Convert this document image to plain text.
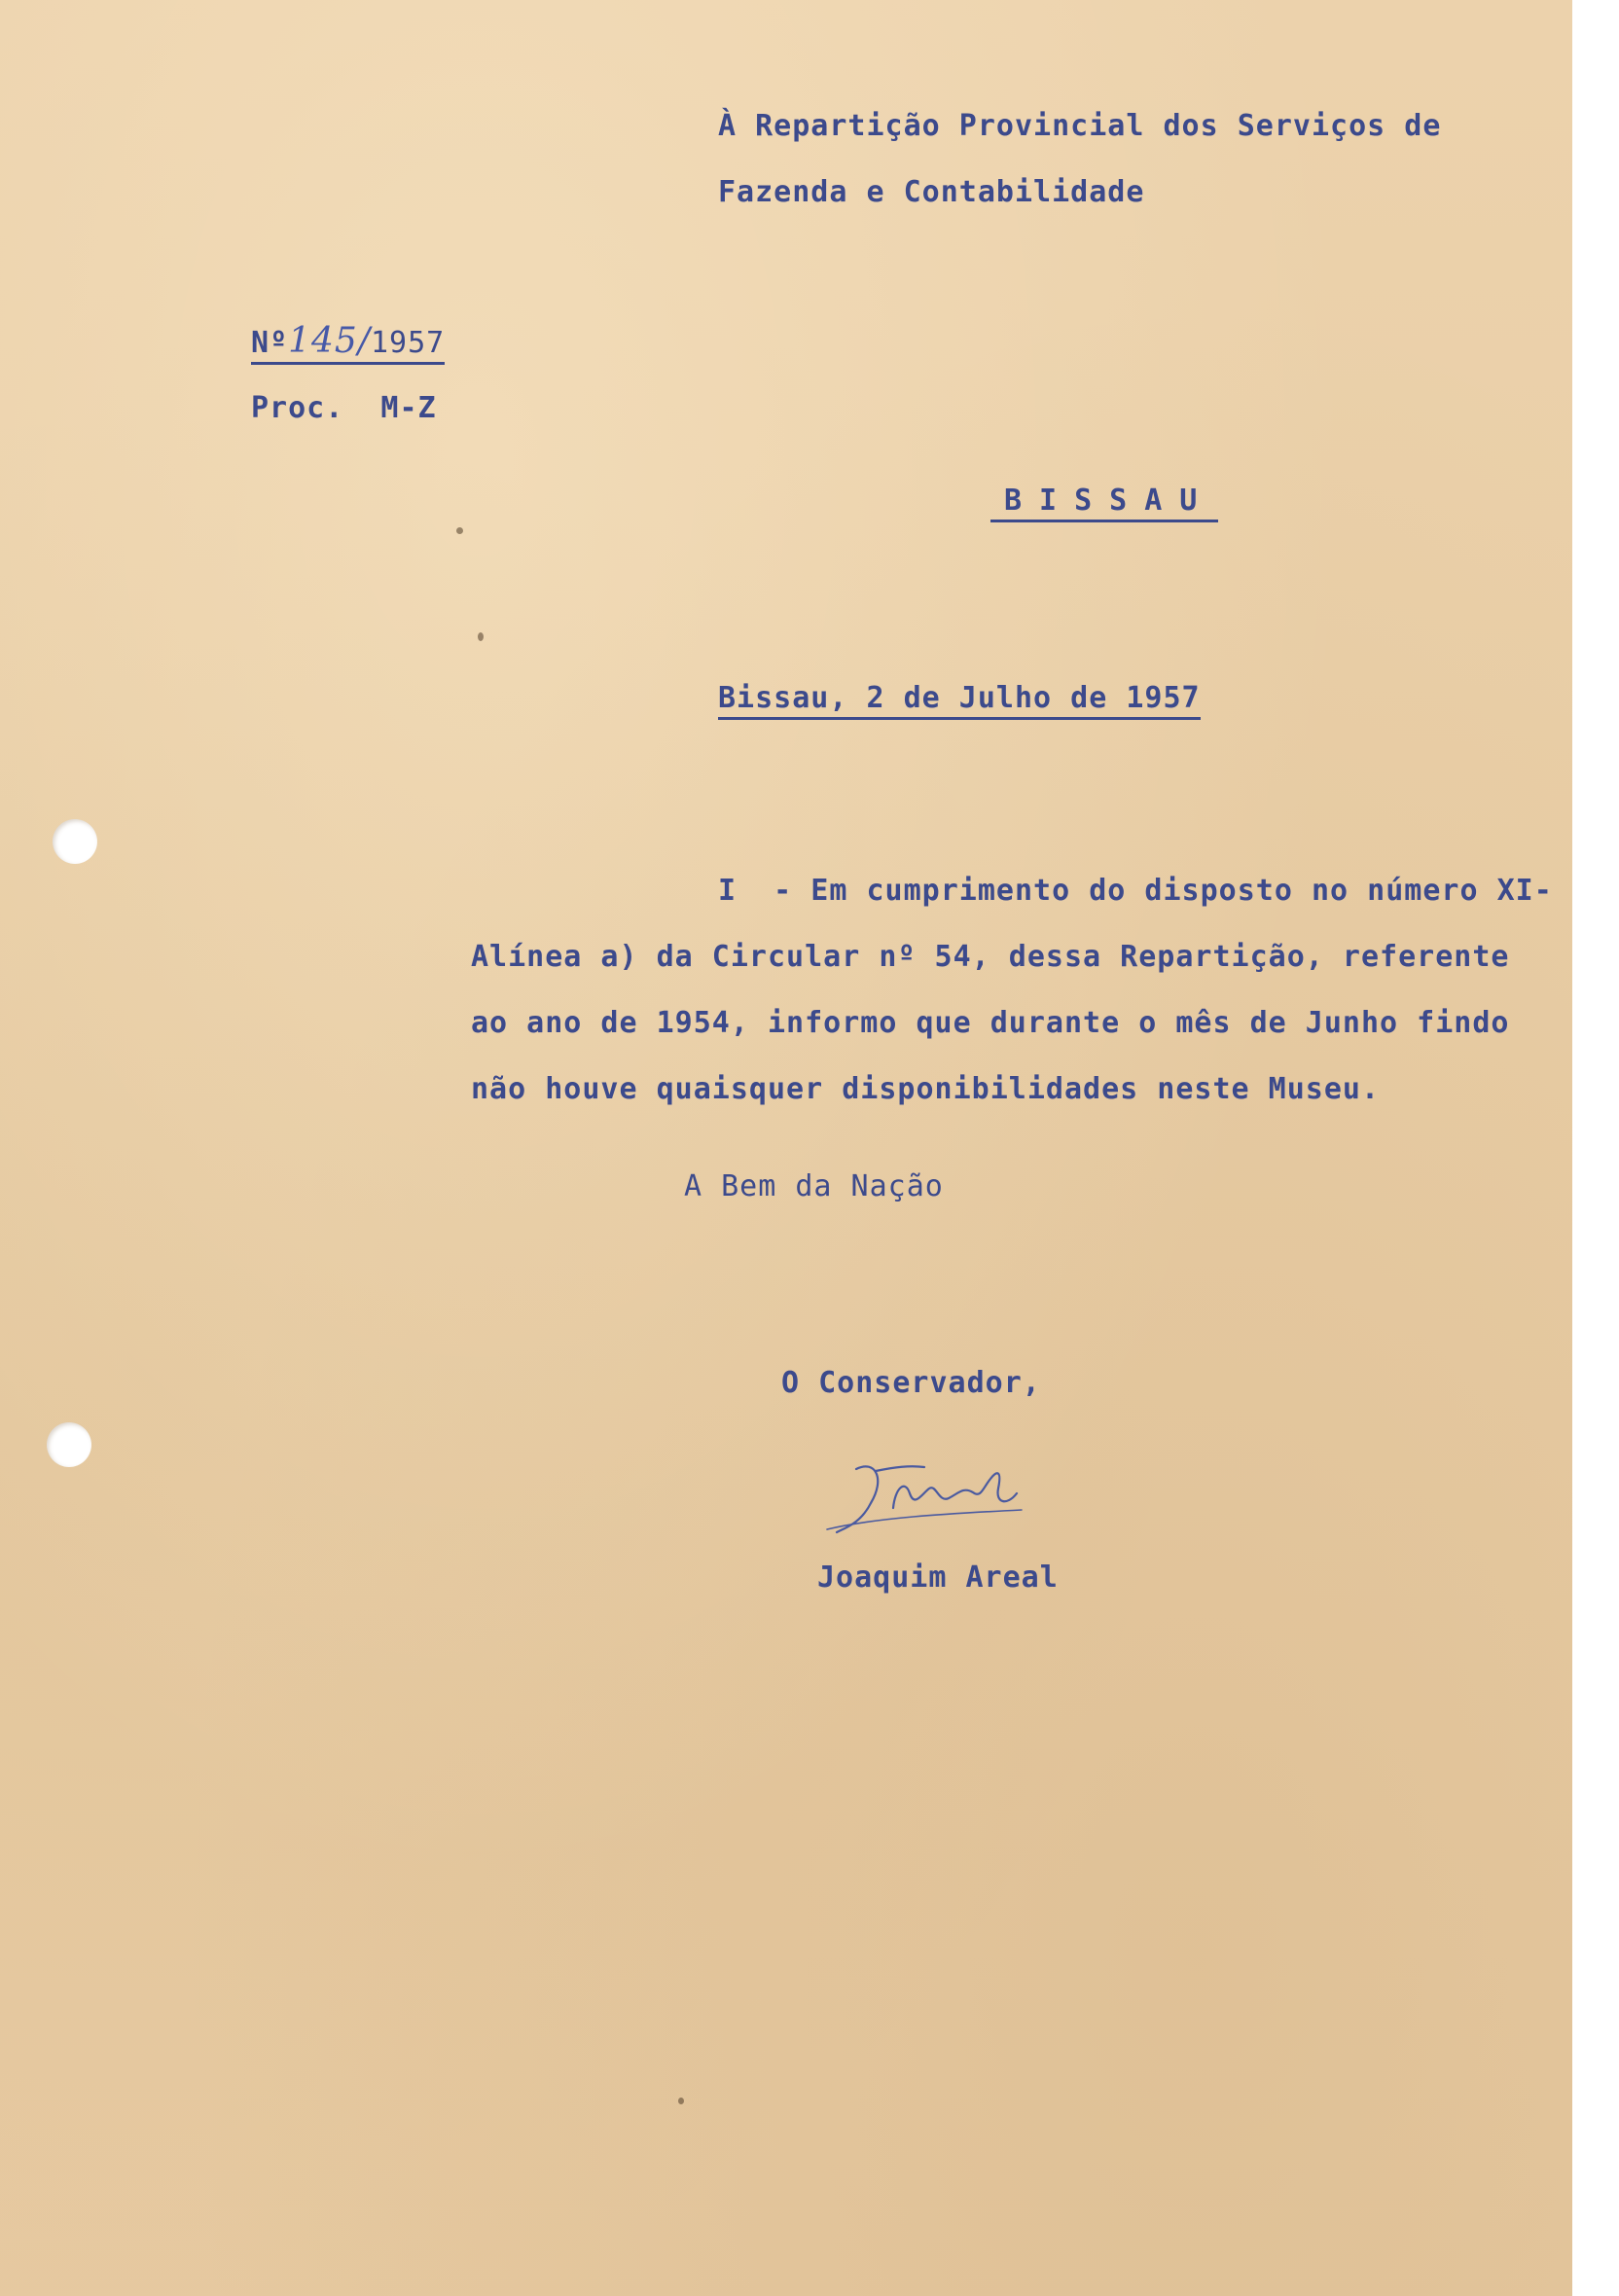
À Repartição Provincial dos Serviços de
Fazenda e Contabilidade
Nº145/1957
Proc.  M-Z
BISSAU
Bissau, 2 de Julho de 1957
I  - Em cumprimento do disposto no número XI-
Alínea a) da Circular nº 54, dessa Repartição, referente
ao ano de 1954, informo que durante o mês de Junho findo
não houve quaisquer disponibilidades neste Museu.
A Bem da Nação
O Conservador,
Joaquim Areal
